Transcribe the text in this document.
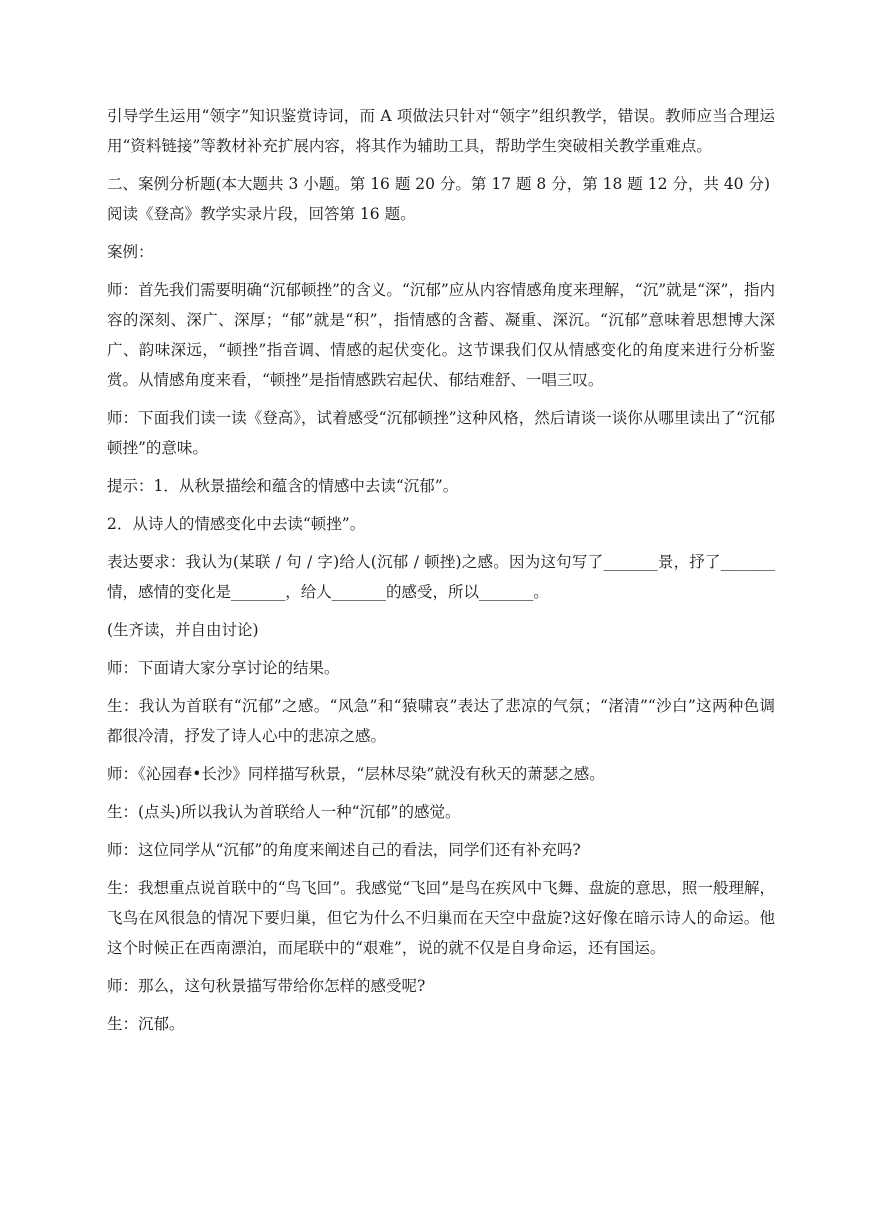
引导学生运用“领字”知识鉴赏诗词，而 A 项做法只针对“领字”组织教学，错误。教师应当合理运用“资料链接”等教材补充扩展内容，将其作为辅助工具，帮助学生突破相关教学重难点。

二、案例分析题(本大题共 3 小题。第 16 题 20 分。第 17 题 8 分，第 18 题 12 分，共 40 分)

阅读《登高》教学实录片段，回答第 16 题。

案例：

师：首先我们需要明确“沉郁顿挫”的含义。“沉郁”应从内容情感角度来理解，“沉”就是“深”，指内容的深刻、深广、深厚；“郁”就是“积”，指情感的含蓄、凝重、深沉。“沉郁”意味着思想博大深广、韵味深远，“顿挫”指音调、情感的起伏变化。这节课我们仅从情感变化的角度来进行分析鉴赏。从情感角度来看，“顿挫”是指情感跌宕起伏、郁结难舒、一唱三叹。

师：下面我们读一读《登高》，试着感受“沉郁顿挫”这种风格，然后请谈一谈你从哪里读出了“沉郁顿挫”的意味。

提示：1．从秋景描绘和蕴含的情感中去读“沉郁”。

2．从诗人的情感变化中去读“顿挫”。

表达要求：我认为(某联 / 句 / 字)给人(沉郁 / 顿挫)之感。因为这句写了_______景，抒了_______情，感情的变化是_______，给人_______的感受，所以_______。

(生齐读，并自由讨论)

师：下面请大家分享讨论的结果。

生：我认为首联有“沉郁”之感。“风急”和“猿啸哀”表达了悲凉的气氛；“渚清”“沙白”这两种色调都很冷清，抒发了诗人心中的悲凉之感。

师：《沁园春•长沙》同样描写秋景，“层林尽染”就没有秋天的萧瑟之感。

生：(点头)所以我认为首联给人一种“沉郁”的感觉。

师：这位同学从“沉郁”的角度来阐述自己的看法，同学们还有补充吗?

生：我想重点说首联中的“鸟飞回”。我感觉“飞回”是鸟在疾风中飞舞、盘旋的意思，照一般理解，飞鸟在风很急的情况下要归巢，但它为什么不归巢而在天空中盘旋?这好像在暗示诗人的命运。他这个时候正在西南漂泊，而尾联中的“艰难”，说的就不仅是自身命运，还有国运。

师：那么，这句秋景描写带给你怎样的感受呢?

生：沉郁。
